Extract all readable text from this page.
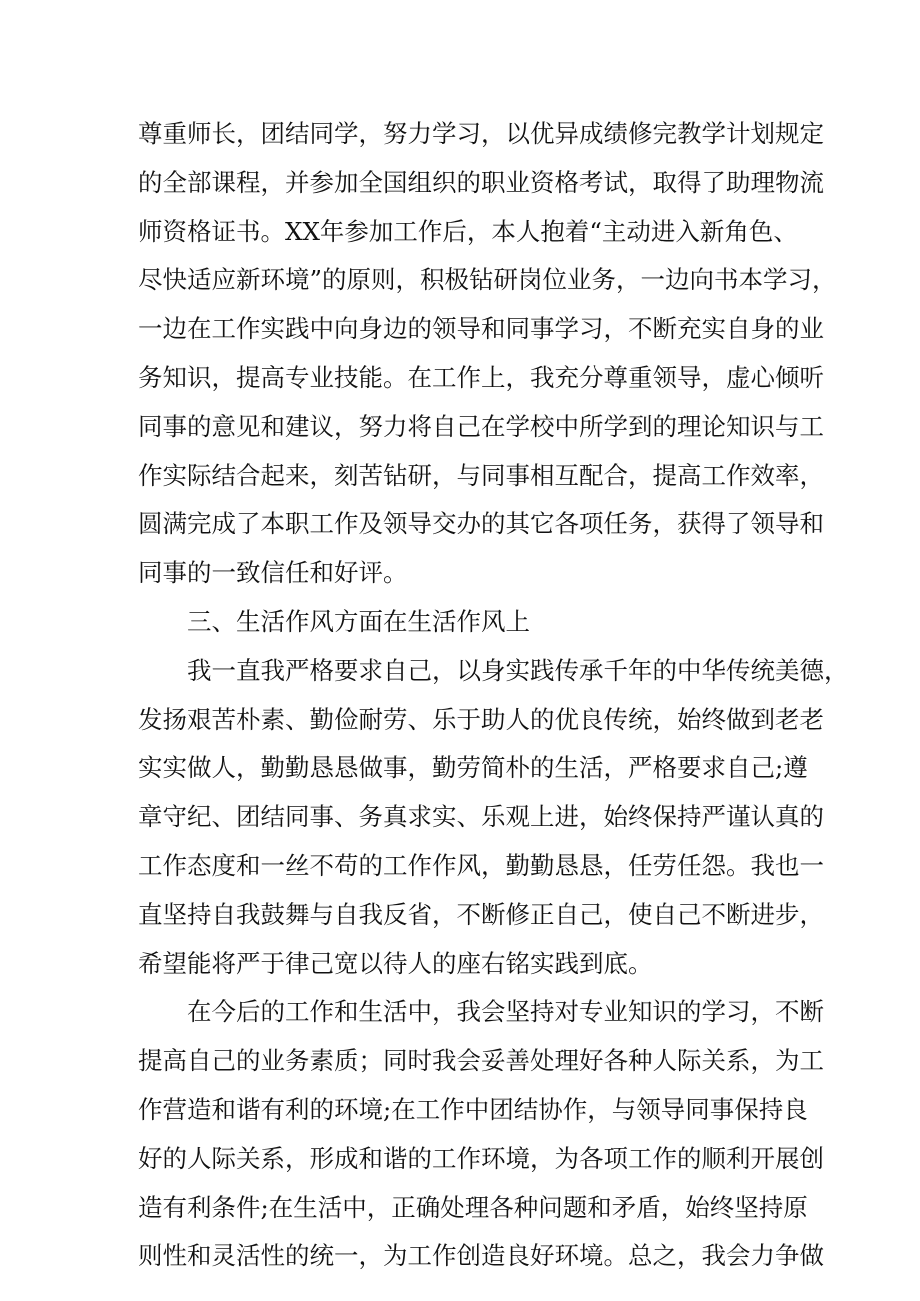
尊重师长，团结同学，努力学习，以优异成绩修完教学计划规定
的全部课程，并参加全国组织的职业资格考试，取得了助理物流
师资格证书。XX年参加工作后，本人抱着“主动进入新角色、
尽快适应新环境”的原则，积极钻研岗位业务，一边向书本学习，
一边在工作实践中向身边的领导和同事学习，不断充实自身的业
务知识，提高专业技能。在工作上，我充分尊重领导，虚心倾听
同事的意见和建议，努力将自己在学校中所学到的理论知识与工
作实际结合起来，刻苦钻研，与同事相互配合，提高工作效率，
圆满完成了本职工作及领导交办的其它各项任务，获得了领导和
同事的一致信任和好评。
三、生活作风方面在生活作风上
我一直我严格要求自己，以身实践传承千年的中华传统美德，
发扬艰苦朴素、勤俭耐劳、乐于助人的优良传统，始终做到老老
实实做人，勤勤恳恳做事，勤劳简朴的生活，严格要求自己;遵
章守纪、团结同事、务真求实、乐观上进，始终保持严谨认真的
工作态度和一丝不苟的工作作风，勤勤恳恳，任劳任怨。我也一
直坚持自我鼓舞与自我反省，不断修正自己，使自己不断进步，
希望能将严于律己宽以待人的座右铭实践到底。
在今后的工作和生活中，我会坚持对专业知识的学习，不断
提高自己的业务素质；同时我会妥善处理好各种人际关系，为工
作营造和谐有利的环境;在工作中团结协作，与领导同事保持良
好的人际关系，形成和谐的工作环境，为各项工作的顺利开展创
造有利条件;在生活中，正确处理各种问题和矛盾，始终坚持原
则性和灵活性的统一，为工作创造良好环境。总之，我会力争做
